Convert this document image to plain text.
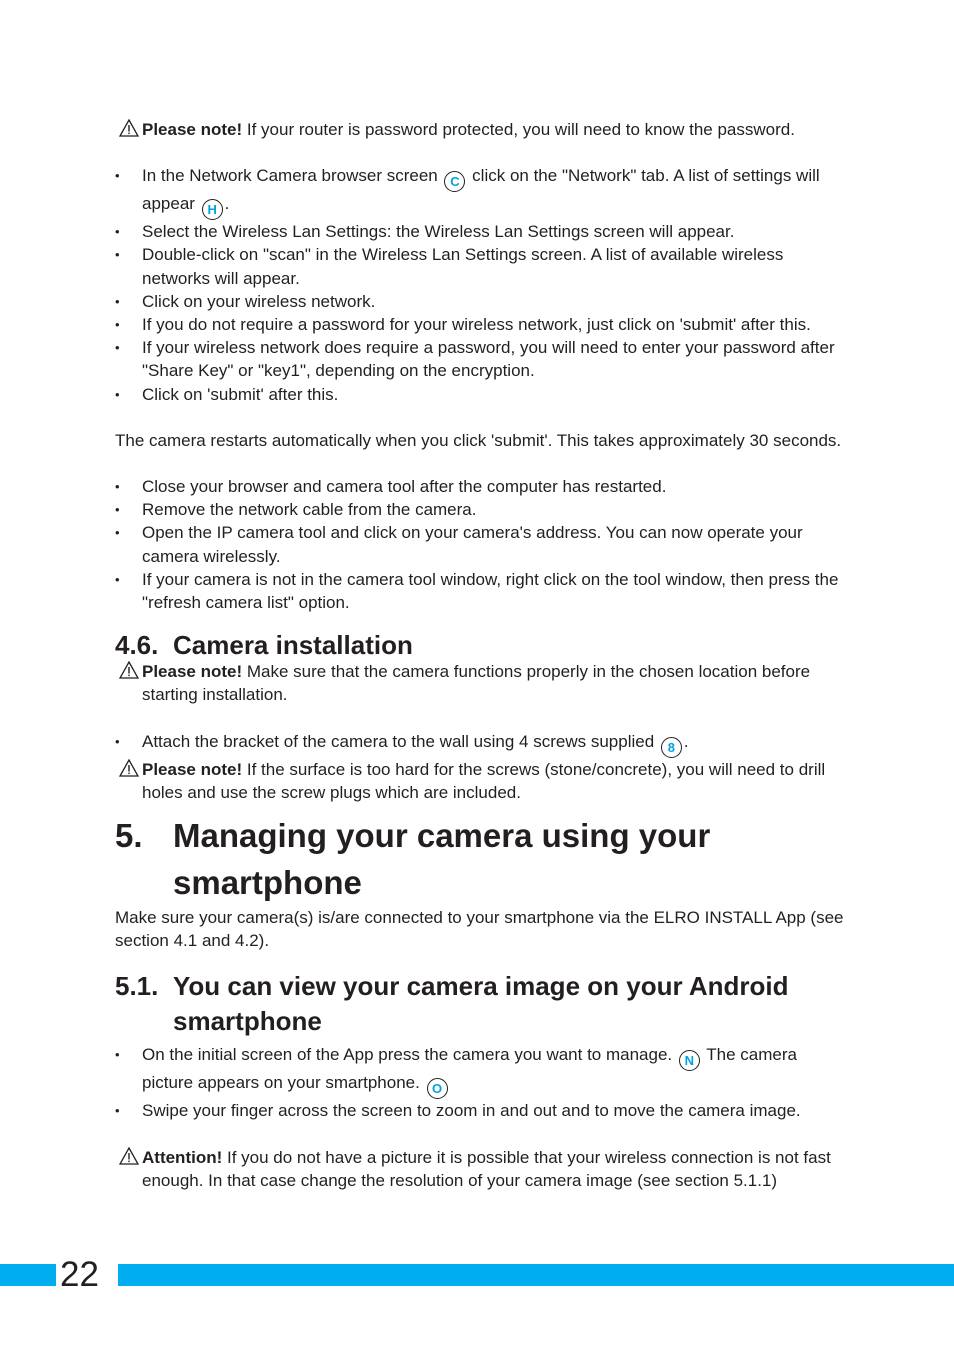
Please note! If your router is password protected, you will need to know the password.

• In the Network Camera browser screen C click on the "Network" tab. A list of settings will appear H .
• Select the Wireless Lan Settings: the Wireless Lan Settings screen will appear.
• Double-click on "scan" in the Wireless Lan Settings screen. A list of available wireless networks will appear.
• Click on your wireless network.
• If you do not require a password for your wireless network, just click on 'submit' after this.
• If your wireless network does require a password, you will need to enter your password after "Share Key" or "key1", depending on the encryption.
• Click on 'submit' after this.

The camera restarts automatically when you click 'submit'. This takes approximately 30 seconds.

• Close your browser and camera tool after the computer has restarted.
• Remove the network cable from the camera.
• Open the IP camera tool and click on your camera's address. You can now operate your camera wirelessly.
• If your camera is not in the camera tool window, right click on the tool window, then press the "refresh camera list" option.
4.6. Camera installation

Please note! Make sure that the camera functions properly in the chosen location before starting installation.

• Attach the bracket of the camera to the wall using 4 screws supplied 8 .

Please note! If the surface is too hard for the screws (stone/concrete), you will need to drill holes and use the screw plugs which are included.

5. Managing your camera using your smartphone

Make sure your camera(s) is/are connected to your smartphone via the ELRO INSTALL App (see section 4.1 and 4.2).

5.1. You can view your camera image on your Android smartphone
• On the initial screen of the App press the camera you want to manage. N The camera picture appears on your smartphone. O
• Swipe your finger across the screen to zoom in and out and to move the camera image.

Attention! If you do not have a picture it is possible that your wireless connection is not fast enough. In that case change the resolution of your camera image (see section 5.1.1)

22
